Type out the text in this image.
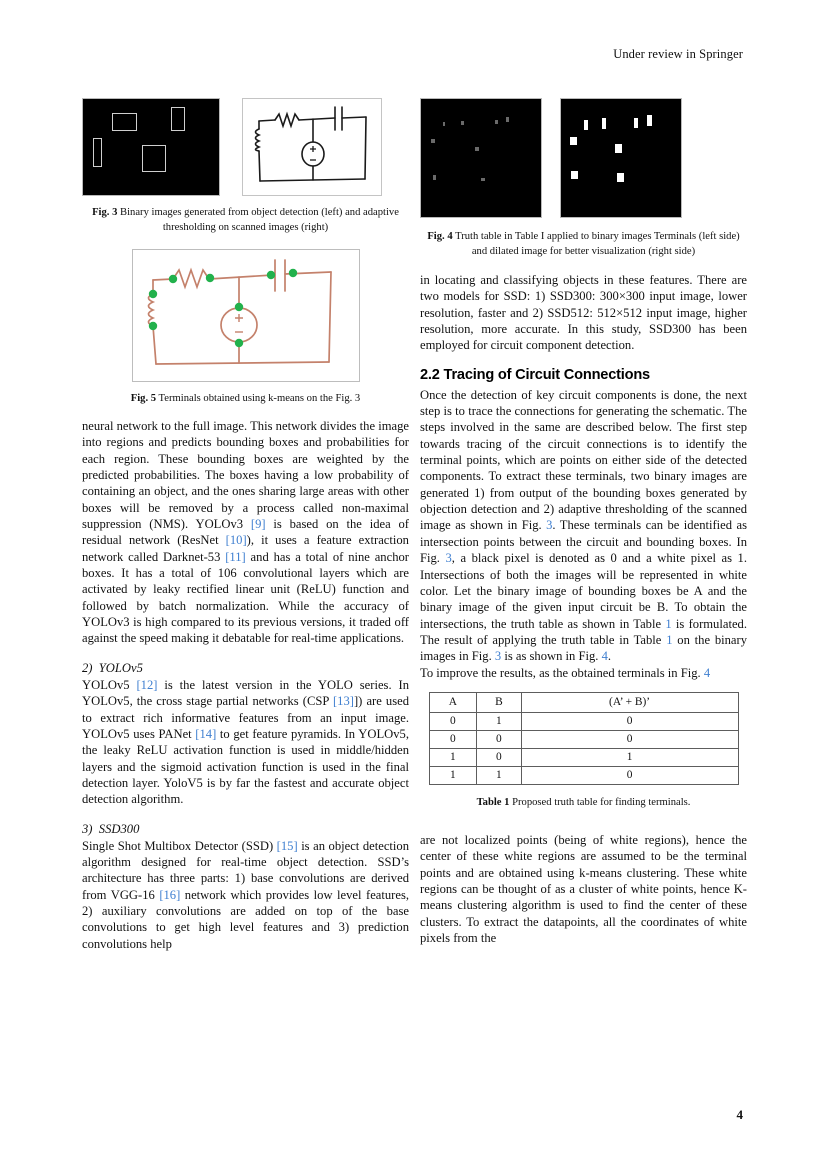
Under review in Springer

Fig. 3 Binary images generated from object detection (left) and adaptive thresholding on scanned images (right)

Fig. 5 Terminals obtained using k-means on the Fig. 3

neural network to the full image. This network divides the image into regions and predicts bounding boxes and probabilities for each region. These bounding boxes are weighted by the predicted probabilities. The boxes having a low probability of containing an object, and the ones sharing large areas with other boxes will be removed by a process called non-maximal suppression (NMS). YOLOv3 [9] is based on the idea of residual network (ResNet [10]), it uses a feature extraction network called Darknet-53 [11] and has a total of nine anchor boxes. It has a total of 106 convolutional layers which are activated by leaky rectified linear unit (ReLU) function and followed by batch normalization. While the accuracy of YOLOv3 is high compared to its previous versions, it traded off against the speed making it debatable for real-time applications.

2) YOLOv5

YOLOv5 [12] is the latest version in the YOLO series. In YOLOv5, the cross stage partial networks (CSP [13]]) are used to extract rich informative features from an input image. YOLOv5 uses PANet [14] to get feature pyramids. In YOLOv5, the leaky ReLU activation function is used in middle/hidden layers and the sigmoid activation function is used in the final detection layer. YoloV5 is by far the fastest and accurate object detection algorithm.

3) SSD300

Single Shot Multibox Detector (SSD) [15] is an object detection algorithm designed for real-time object detection. SSD’s architecture has three parts: 1) base convolutions are derived from VGG-16 [16] network which provides low level features, 2) auxiliary convolutions are added on top of the base convolutions to get high level features and 3) prediction convolutions help

Fig. 4 Truth table in Table I applied to binary images Terminals (left side) and dilated image for better visualization (right side)

in locating and classifying objects in these features. There are two models for SSD: 1) SSD300: 300×300 input image, lower resolution, faster and 2) SSD512: 512×512 input image, higher resolution, more accurate. In this study, SSD300 has been employed for circuit component detection.

2.2 Tracing of Circuit Connections

Once the detection of key circuit components is done, the next step is to trace the connections for generating the schematic. The steps involved in the same are described below. The first step towards tracing of the circuit connections is to identify the terminal points, which are points on either side of the detected components. To extract these terminals, two binary images are generated 1) from output of the bounding boxes generated by objection detection and 2) adaptive thresholding of the scanned image as shown in Fig. 3. These terminals can be identified as intersection points between the circuit and bounding boxes. In Fig. 3, a black pixel is denoted as 0 and a white pixel as 1. Intersections of both the images will be represented in white color. Let the binary image of bounding boxes be A and the binary image of the given input circuit be B. To obtain the intersections, the truth table as shown in Table 1 is formulated. The result of applying the truth table in Table 1 on the binary images in Fig. 3 is as shown in Fig. 4.

To improve the results, as the obtained terminals in Fig. 4

A	B	(A’ + B)’
0	1	0
0	0	0
1	0	1
1	1	0

Table 1 Proposed truth table for finding terminals.

are not localized points (being of white regions), hence the center of these white regions are assumed to be the terminal points and are obtained using k-means clustering. These white regions can be thought of as a cluster of white points, hence K-means clustering algorithm is used to find the center of these clusters. To extract the datapoints, all the coordinates of white pixels from the

4
